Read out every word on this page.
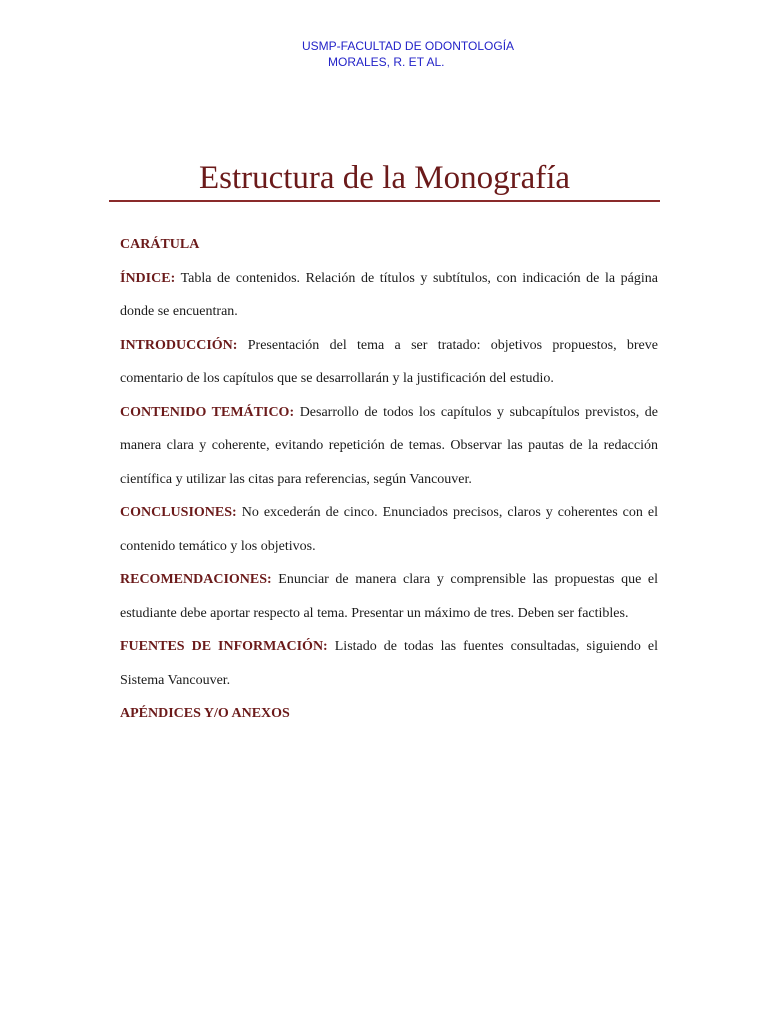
USMP-FACULTAD DE ODONTOLOGÍA
MORALES, R. ET AL.
Estructura de la Monografía

CARÁTULA

ÍNDICE: Tabla de contenidos. Relación de títulos y subtítulos, con indicación de la página donde se encuentran.

INTRODUCCIÓN: Presentación del tema a ser tratado: objetivos propuestos, breve comentario de los capítulos que se desarrollarán y la justificación del estudio.

CONTENIDO TEMÁTICO: Desarrollo de todos los capítulos y subcapítulos previstos, de manera clara y coherente, evitando repetición de temas. Observar las pautas de la redacción científica y utilizar las citas para referencias, según Vancouver.

CONCLUSIONES: No excederán de cinco. Enunciados precisos, claros y coherentes con el contenido temático y los objetivos.

RECOMENDACIONES: Enunciar de manera clara y comprensible las propuestas que el estudiante debe aportar respecto al tema. Presentar un máximo de tres. Deben ser factibles.

FUENTES DE INFORMACIÓN: Listado de todas las fuentes consultadas, siguiendo el Sistema Vancouver.

APÉNDICES Y/O ANEXOS
